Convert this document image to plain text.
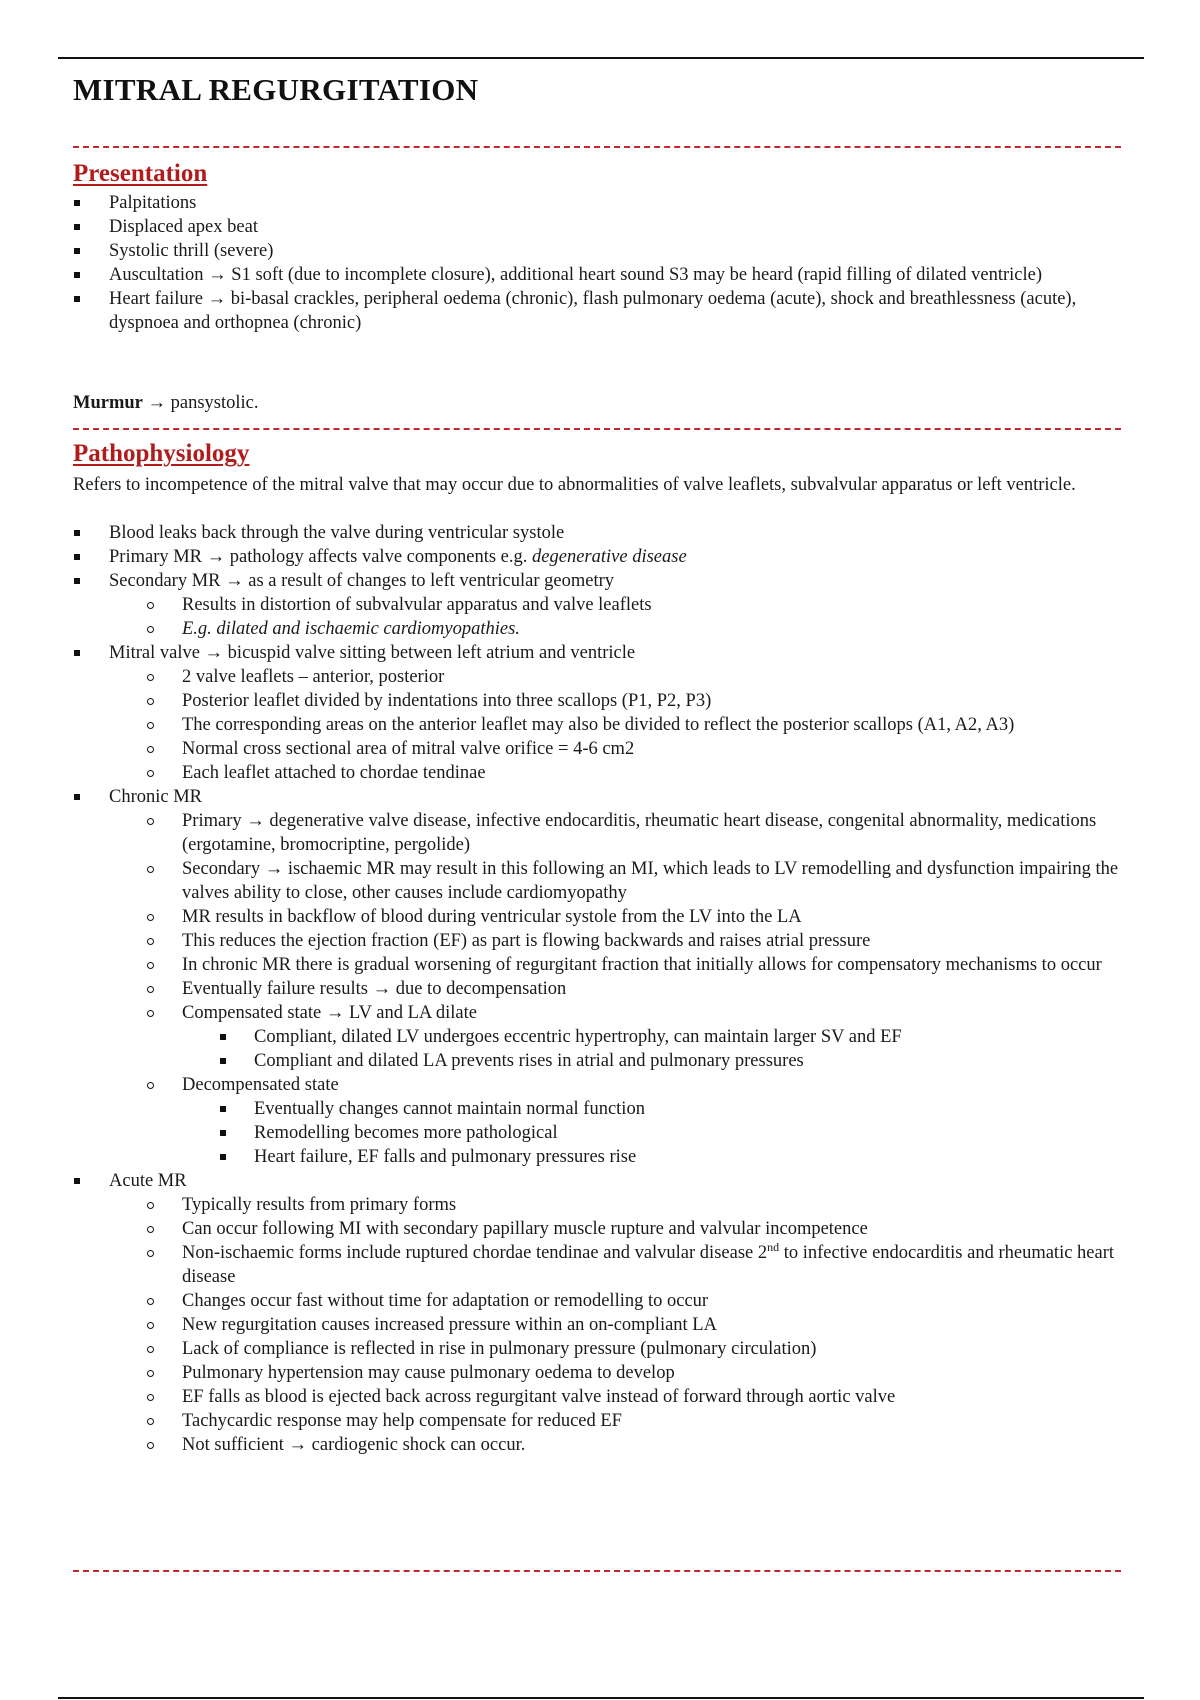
MITRAL REGURGITATION
Presentation
Palpitations
Displaced apex beat
Systolic thrill (severe)
Auscultation → S1 soft (due to incomplete closure), additional heart sound S3 may be heard (rapid filling of dilated ventricle)
Heart failure → bi-basal crackles, peripheral oedema (chronic), flash pulmonary oedema (acute), shock and breathlessness (acute), dyspnoea and orthopnea (chronic)

Murmur → pansystolic.

Pathophysiology

Refers to incompetence of the mitral valve that may occur due to abnormalities of valve leaflets, subvalvular apparatus or left ventricle.

Blood leaks back through the valve during ventricular systole
Primary MR → pathology affects valve components e.g. degenerative disease
Secondary MR → as a result of changes to left ventricular geometry
Results in distortion of subvalvular apparatus and valve leaflets
E.g. dilated and ischaemic cardiomyopathies.
Mitral valve → bicuspid valve sitting between left atrium and ventricle
2 valve leaflets – anterior, posterior
Posterior leaflet divided by indentations into three scallops (P1, P2, P3)
The corresponding areas on the anterior leaflet may also be divided to reflect the posterior scallops (A1, A2, A3)
Normal cross sectional area of mitral valve orifice = 4-6 cm2
Each leaflet attached to chordae tendinae
Chronic MR
Primary → degenerative valve disease, infective endocarditis, rheumatic heart disease, congenital abnormality, medications (ergotamine, bromocriptine, pergolide)
Secondary → ischaemic MR may result in this following an MI, which leads to LV remodelling and dysfunction impairing the valves ability to close, other causes include cardiomyopathy
MR results in backflow of blood during ventricular systole from the LV into the LA
This reduces the ejection fraction (EF) as part is flowing backwards and raises atrial pressure
In chronic MR there is gradual worsening of regurgitant fraction that initially allows for compensatory mechanisms to occur
Eventually failure results → due to decompensation
Compensated state → LV and LA dilate
Compliant, dilated LV undergoes eccentric hypertrophy, can maintain larger SV and EF
Compliant and dilated LA prevents rises in atrial and pulmonary pressures
Decompensated state
Eventually changes cannot maintain normal function
Remodelling becomes more pathological
Heart failure, EF falls and pulmonary pressures rise
Acute MR
Typically results from primary forms
Can occur following MI with secondary papillary muscle rupture and valvular incompetence
Non-ischaemic forms include ruptured chordae tendinae and valvular disease 2nd to infective endocarditis and rheumatic heart disease
Changes occur fast without time for adaptation or remodelling to occur
New regurgitation causes increased pressure within an on-compliant LA
Lack of compliance is reflected in rise in pulmonary pressure (pulmonary circulation)
Pulmonary hypertension may cause pulmonary oedema to develop
EF falls as blood is ejected back across regurgitant valve instead of forward through aortic valve
Tachycardic response may help compensate for reduced EF
Not sufficient → cardiogenic shock can occur.
